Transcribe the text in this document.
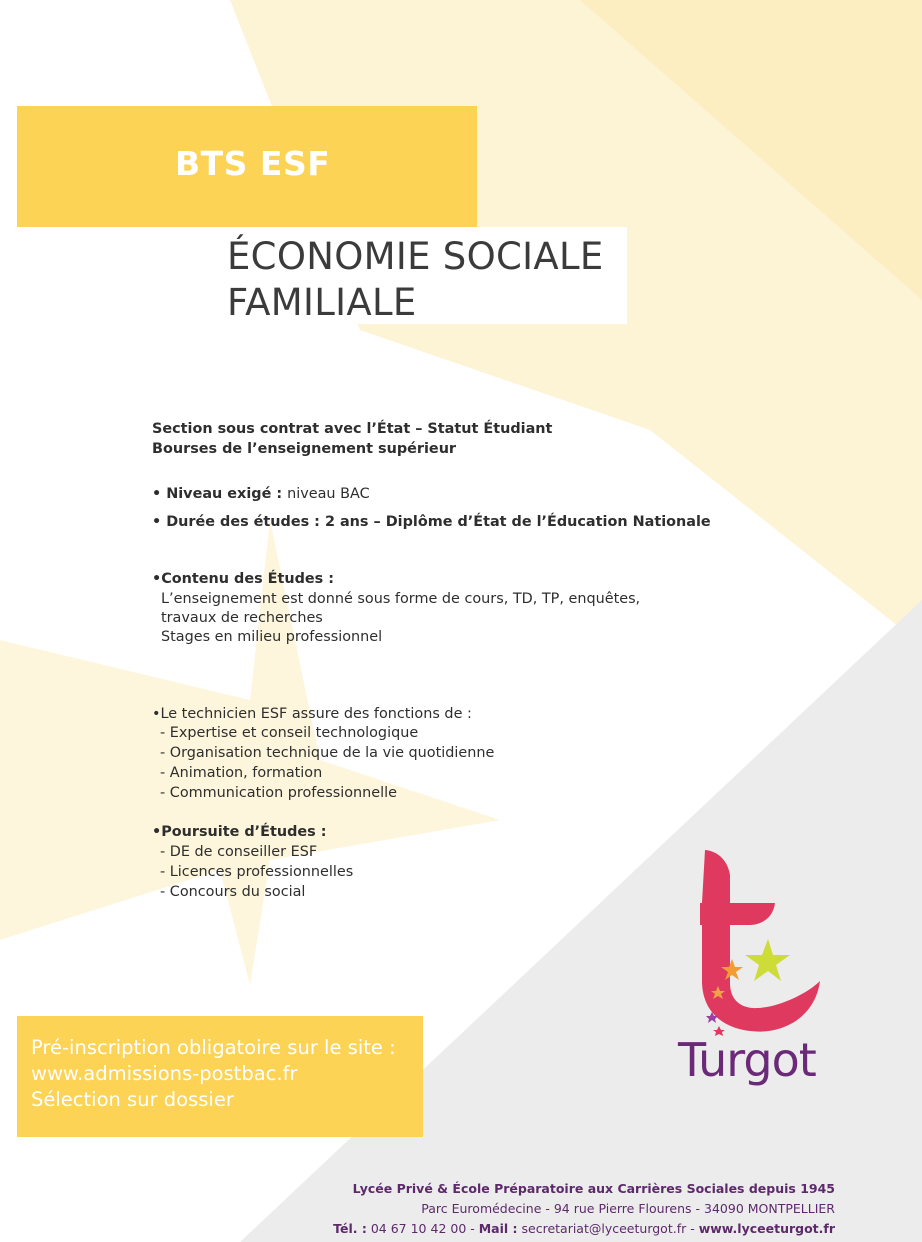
BTS ESF
ÉCONOMIE SOCIALE
FAMILIALE
Section sous contrat avec l’État – Statut Étudiant
Bourses de l’enseignement supérieur
• Niveau exigé : niveau BAC
• Durée des études : 2 ans – Diplôme d’État de l’Éducation Nationale
•Contenu des Études :
L’enseignement est donné sous forme de cours, TD, TP, enquêtes,
travaux de recherches
Stages en milieu professionnel
•Le technicien ESF assure des fonctions de :
- Expertise et conseil technologique
- Organisation technique de la vie quotidienne
- Animation, formation
- Communication professionnelle
•Poursuite d’Études :
- DE de conseiller ESF
- Licences professionnelles
- Concours du social
Pré-inscription obligatoire sur le site :
www.admissions-postbac.fr
Sélection sur dossier
Turgot
Lycée Privé & École Préparatoire aux Carrières Sociales depuis 1945
Parc Euromédecine - 94 rue Pierre Flourens - 34090 MONTPELLIER
Tél. : 04 67 10 42 00 - Mail : secretariat@lyceeturgot.fr - www.lyceeturgot.fr
